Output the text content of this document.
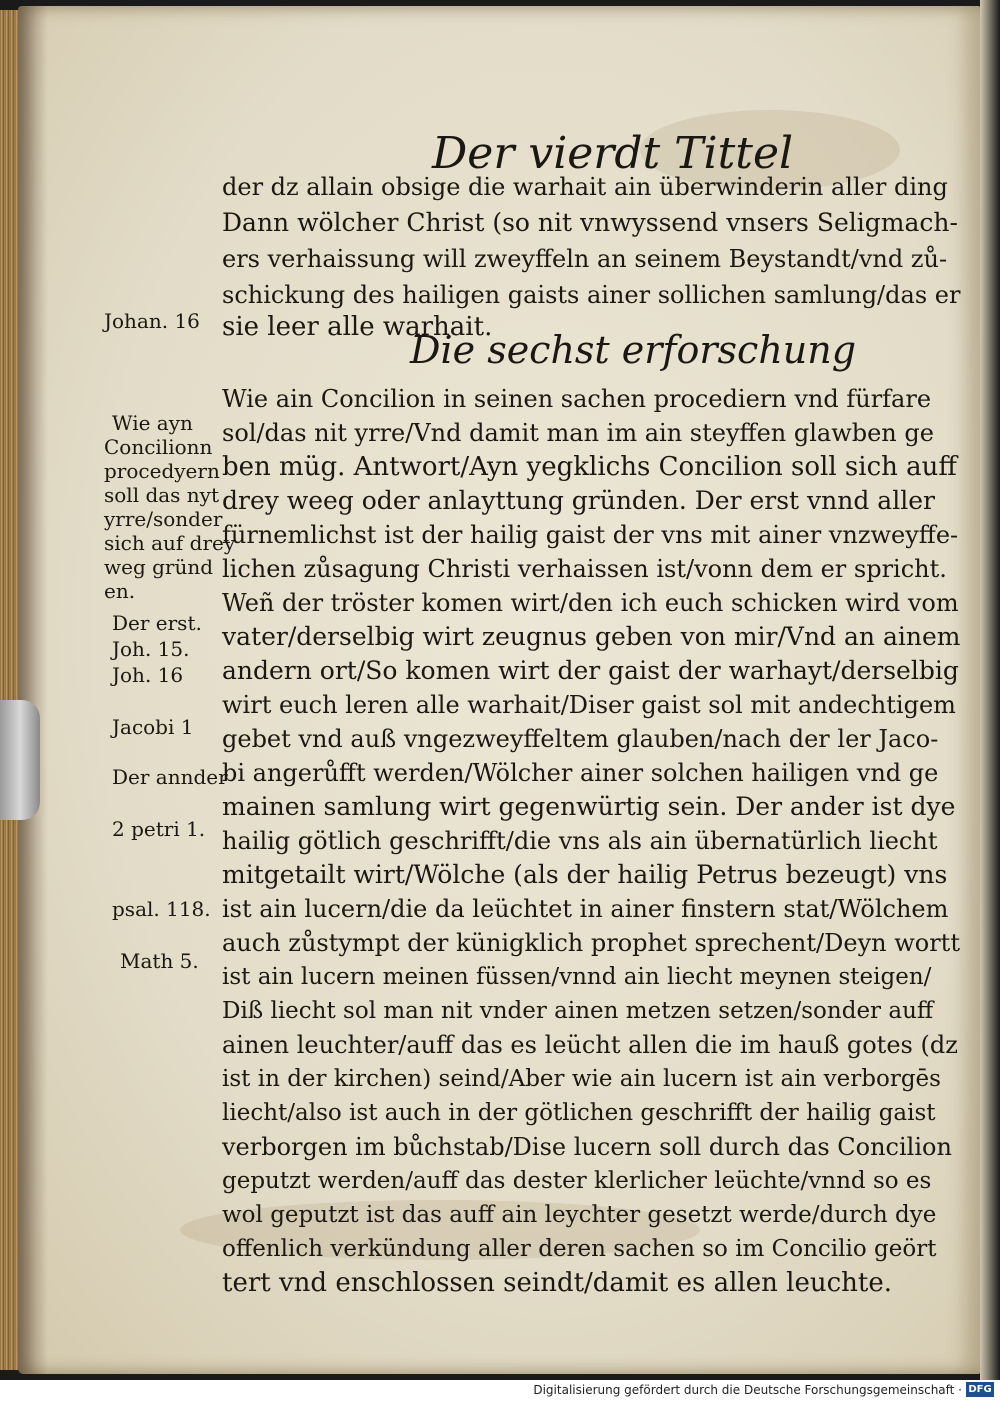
Der vierdt Tittel
der dz allain obsige die warhait ain überwinderin aller ding
Dann wölcher Christ (so nit vnwyssend vnsers Seligmach-
ers verhaissung will zweyffeln an seinem Beystandt/vnd zů-
schickung des hailigen gaists ainer sollichen samlung/das er
sie leer alle warhait.
Johan. 16
Die sechst erforschung
Wie ain Concilion in seinen sachen procediern vnd fürfare
sol/das nit yrre/Vnd damit man im ain steyffen glawben ge
ben müg. Antwort/Ayn yegklichs Concilion soll sich auff
drey weeg oder anlayttung gründen. Der erst vnnd aller
fürnemlichst ist der hailig gaist der vns mit ainer vnzweyffe-
lichen zůsagung Christi verhaissen ist/vonn dem er spricht.
Weñ der tröster komen wirt/den ich euch schicken wird vom
vater/derselbig wirt zeugnus geben von mir/Vnd an ainem
andern ort/So komen wirt der gaist der warhayt/derselbig
wirt euch leren alle warhait/Diser gaist sol mit andechtigem
gebet vnd auß vngezweyffeltem glauben/nach der ler Jaco-
bi angerůfft werden/Wölcher ainer solchen hailigen vnd ge
mainen samlung wirt gegenwürtig sein. Der ander ist dye
hailig götlich geschrifft/die vns als ain übernatürlich liecht
mitgetailt wirt/Wölche (als der hailig Petrus bezeugt) vns
ist ain lucern/die da leüchtet in ainer finstern stat/Wölchem
auch zůstympt der künigklich prophet sprechent/Deyn wortt
ist ain lucern meinen füssen/vnnd ain liecht meynen steigen/
Diß liecht sol man nit vnder ainen metzen setzen/sonder auff
ainen leuchter/auff das es leücht allen die im hauß gotes (dz
ist in der kirchen) seind/Aber wie ain lucern ist ain verborgēs
liecht/also ist auch in der götlichen geschrifft der hailig gaist
verborgen im bůchstab/Dise lucern soll durch das Concilion
geputzt werden/auff das dester klerlicher leüchte/vnnd so es
wol geputzt ist das auff ain leychter gesetzt werde/durch dye
offenlich verkündung aller deren sachen so im Concilio geört
tert vnd enschlossen seindt/damit es allen leuchte.
Wie ayn
Concilionn
procedyern
soll das nyt
yrre/sonder
sich auf drey
weg gründ
en.
Der erst.
Joh. 15.
Joh. 16
Jacobi 1
Der annder
2 petri 1.
psal. 118.
Math 5.
Digitalisierung gefördert durch die Deutsche Forschungsgemeinschaft · DFG
